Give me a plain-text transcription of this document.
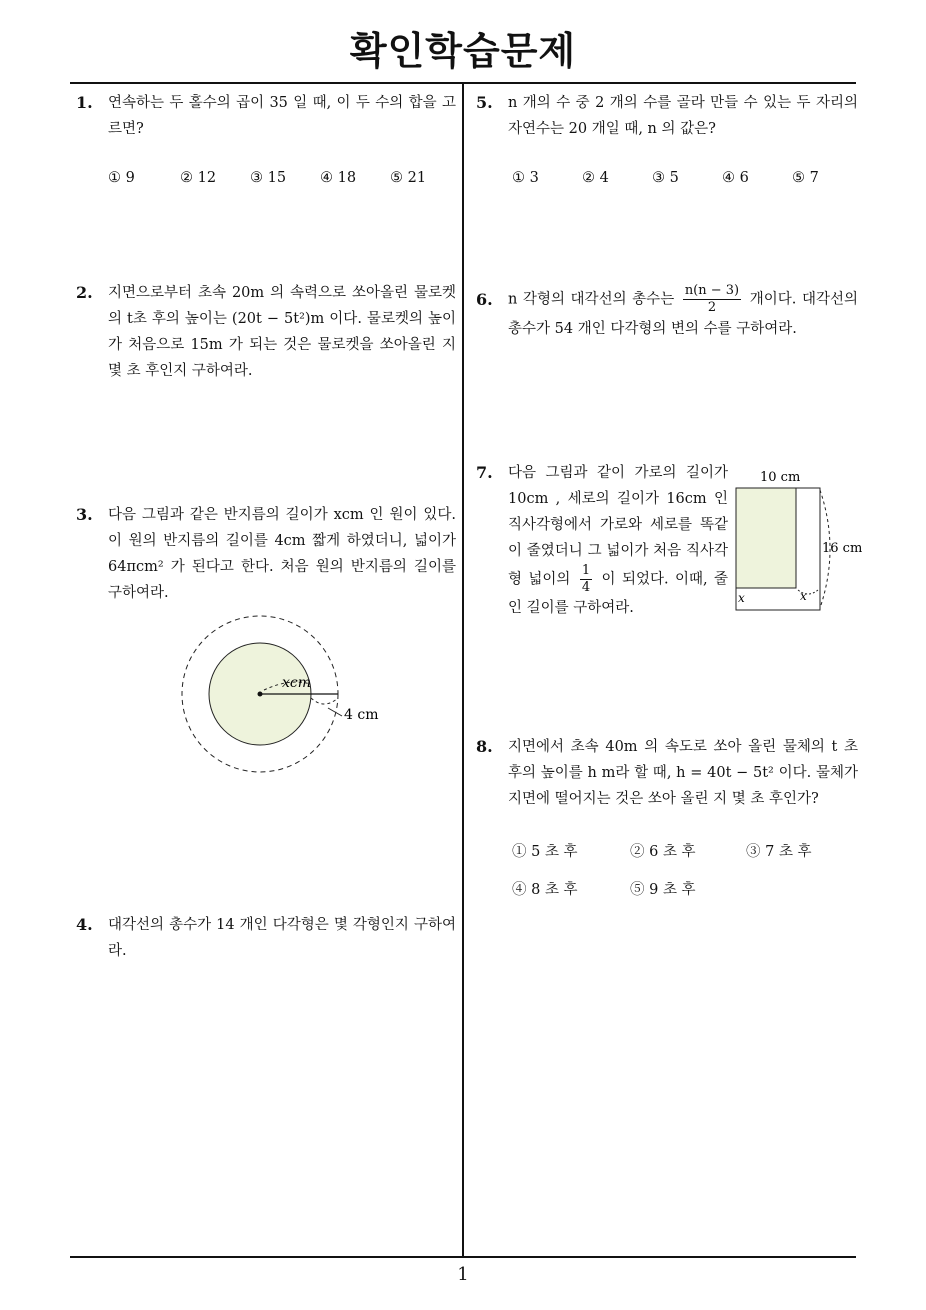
확인학습문제
1. 연속하는 두 홀수의 곱이 35 일 때, 이 두 수의 합을 고르면?
① 9	② 12 ③ 15 ④ 18 ⑤ 21
2. 지면으로부터 초속 20m 의 속력으로 쏘아올린 물로켓의 t초 후의 높이는 (20t − 5t²)m 이다. 물로켓의 높이가 처음으로 15m 가 되는 것은 물로켓을 쏘아올린 지 몇 초 후인지 구하여라.
3. 다음 그림과 같은 반지름의 길이가 xcm 인 원이 있다. 이 원의 반지름의 길이를 4cm 짧게 하였더니, 넓이가 64πcm² 가 된다고 한다. 처음 원의 반지름의 길이를 구하여라.
xcm
4 cm
4. 대각선의 총수가 14 개인 다각형은 몇 각형인지 구하여라.
5. n 개의 수 중 2 개의 수를 골라 만들 수 있는 두 자리의 자연수는 20 개일 때, n 의 값은?
① 3	② 4	③ 5	④ 6	⑤ 7
6. n 각형의 대각선의 총수는 $\frac{n(n - 3)}{2}$ 개이다. 대각선의 총수가 54 개인 다각형의 변의 수를 구하여라.
7. 다음 그림과 같이 가로의 길이가 10cm , 세로의 길이가 16cm 인 직사각형에서 가로와 세로를 똑같이 줄였더니 그 넓이가 처음 직사각형 넓이의 $\frac{1}{4}$ 이 되었다. 이때, 줄인 길이를 구하여라.
10 cm
16 cm
x	x
8. 지면에서 초속 40m 의 속도로 쏘아 올린 물체의 t 초 후의 높이를 h m라 할 때, h = 40t − 5t² 이다. 물체가 지면에 떨어지는 것은 쏘아 올린 지 몇 초 후인가?
① 5 초 후	② 6 초 후	③ 7 초 후
④ 8 초 후	⑤ 9 초 후
1
